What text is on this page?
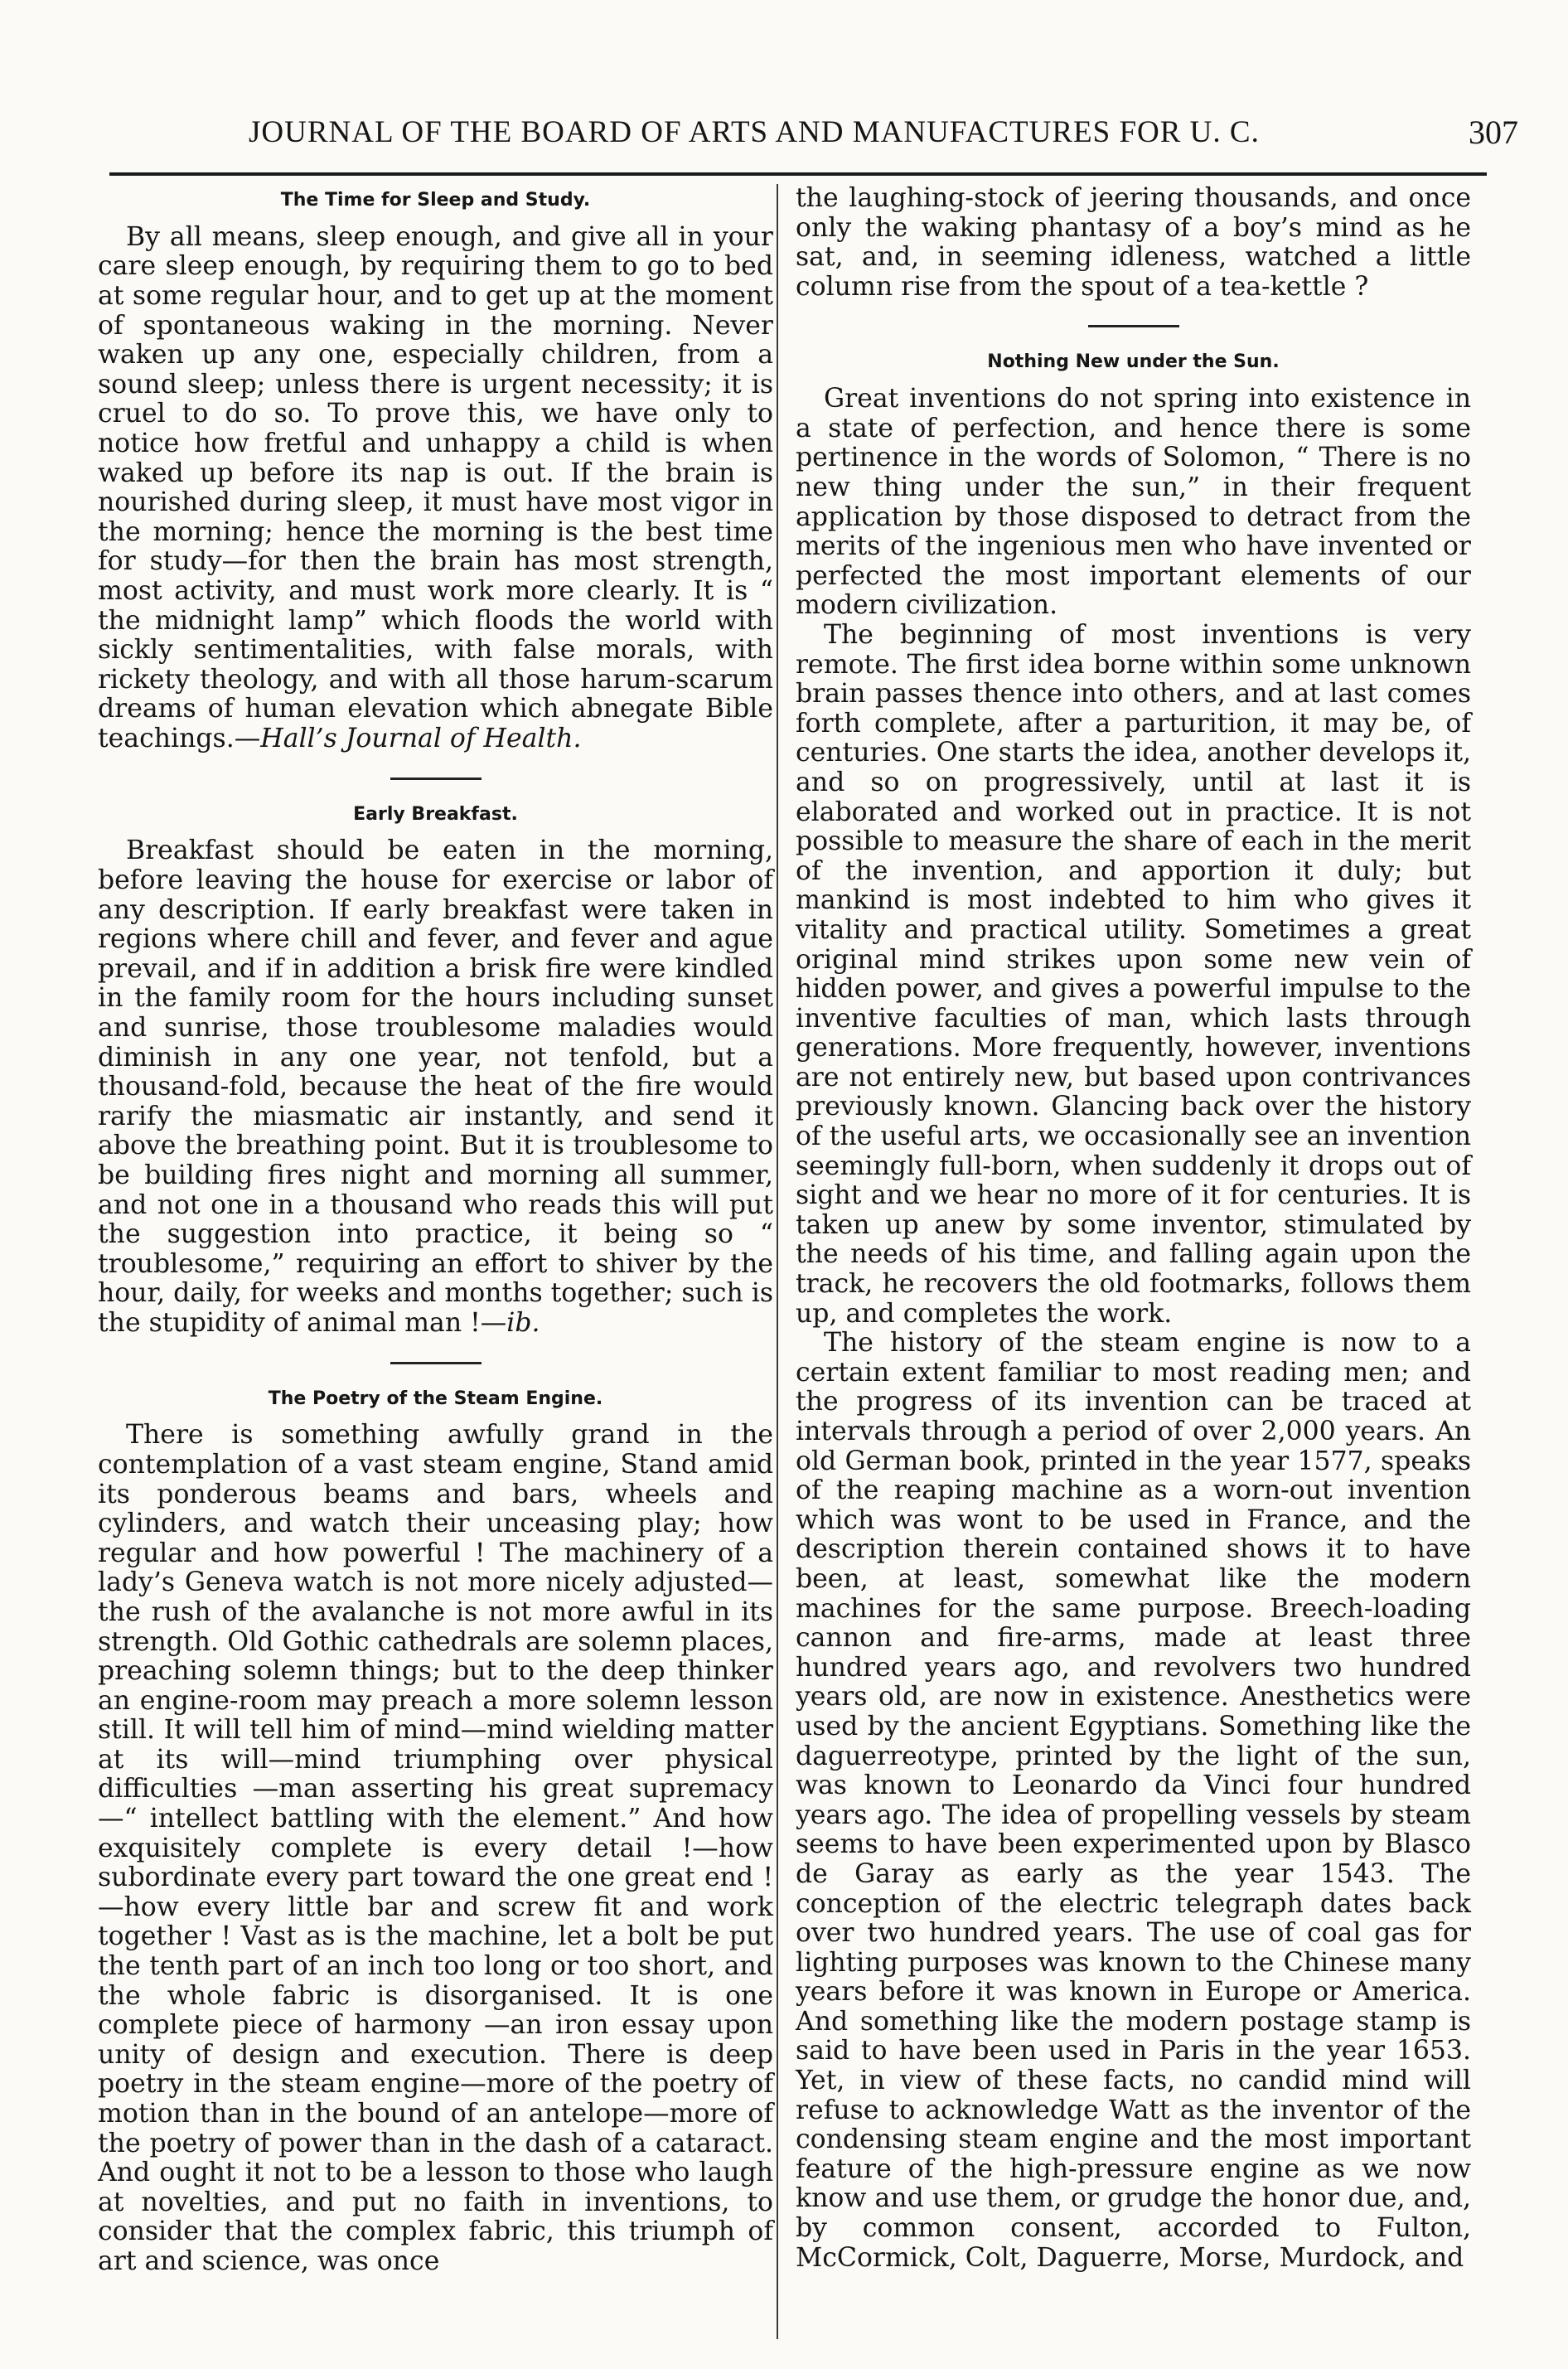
JOURNAL OF THE BOARD OF ARTS AND MANUFACTURES FOR U. C.	307
The Time for Sleep and Study.

By all means, sleep enough, and give all in your care sleep enough, by requiring them to go to bed at some regular hour, and to get up at the moment of spontaneous waking in the morning. Never waken up any one, especially children, from a sound sleep; unless there is urgent necessity; it is cruel to do so. To prove this, we have only to notice how fretful and unhappy a child is when waked up before its nap is out. If the brain is nourished during sleep, it must have most vigor in the morning; hence the morning is the best time for study—for then the brain has most strength, most activity, and must work more clearly. It is “ the midnight lamp” which floods the world with sickly sentimentalities, with false morals, with rickety theology, and with all those harum-scarum dreams of human elevation which abnegate Bible teachings.—Hall’s Journal of Health.

Early Breakfast.

Breakfast should be eaten in the morning, before leaving the house for exercise or labor of any description. If early breakfast were taken in regions where chill and fever, and fever and ague prevail, and if in addition a brisk fire were kindled in the family room for the hours including sunset and sunrise, those troublesome maladies would diminish in any one year, not tenfold, but a thousand-fold, because the heat of the fire would rarify the miasmatic air instantly, and send it above the breathing point. But it is troublesome to be building fires night and morning all summer, and not one in a thousand who reads this will put the suggestion into practice, it being so “ troublesome,” requiring an effort to shiver by the hour, daily, for weeks and months together; such is the stupidity of animal man !—ib.

The Poetry of the Steam Engine.

There is something awfully grand in the contemplation of a vast steam engine, Stand amid its ponderous beams and bars, wheels and cylinders, and watch their unceasing play; how regular and how powerful ! The machinery of a lady’s Geneva watch is not more nicely adjusted—the rush of the avalanche is not more awful in its strength. Old Gothic cathedrals are solemn places, preaching solemn things; but to the deep thinker an engine-room may preach a more solemn lesson still. It will tell him of mind—mind wielding matter at its will—mind triumphing over physical difficulties —man asserting his great supremacy—“ intellect battling with the element.” And how exquisitely complete is every detail !—how subordinate every part toward the one great end !—how every little bar and screw fit and work together ! Vast as is the machine, let a bolt be put the tenth part of an inch too long or too short, and the whole fabric is disorganised. It is one complete piece of harmony —an iron essay upon unity of design and execution. There is deep poetry in the steam engine—more of the poetry of motion than in the bound of an antelope—more of the poetry of power than in the dash of a cataract. And ought it not to be a lesson to those who laugh at novelties, and put no faith in inventions, to consider that the complex fabric, this triumph of art and science, was once

the laughing-stock of jeering thousands, and once only the waking phantasy of a boy’s mind as he sat, and, in seeming idleness, watched a little column rise from the spout of a tea-kettle ?

Nothing New under the Sun.

Great inventions do not spring into existence in a state of perfection, and hence there is some pertinence in the words of Solomon, “ There is no new thing under the sun,” in their frequent application by those disposed to detract from the merits of the ingenious men who have invented or perfected the most important elements of our modern civilization.

The beginning of most inventions is very remote. The first idea borne within some unknown brain passes thence into others, and at last comes forth complete, after a parturition, it may be, of centuries. One starts the idea, another develops it, and so on progressively, until at last it is elaborated and worked out in practice. It is not possible to measure the share of each in the merit of the invention, and apportion it duly; but mankind is most indebted to him who gives it vitality and practical utility. Sometimes a great original mind strikes upon some new vein of hidden power, and gives a powerful impulse to the inventive faculties of man, which lasts through generations. More frequently, however, inventions are not entirely new, but based upon contrivances previously known. Glancing back over the history of the useful arts, we occasionally see an invention seemingly full-born, when suddenly it drops out of sight and we hear no more of it for centuries. It is taken up anew by some inventor, stimulated by the needs of his time, and falling again upon the track, he recovers the old footmarks, follows them up, and completes the work.

The history of the steam engine is now to a certain extent familiar to most reading men; and the progress of its invention can be traced at intervals through a period of over 2,000 years. An old German book, printed in the year 1577, speaks of the reaping machine as a worn-out invention which was wont to be used in France, and the description therein contained shows it to have been, at least, somewhat like the modern machines for the same purpose. Breech-loading cannon and fire-arms, made at least three hundred years ago, and revolvers two hundred years old, are now in existence. Anesthetics were used by the ancient Egyptians. Something like the daguerreotype, printed by the light of the sun, was known to Leonardo da Vinci four hundred years ago. The idea of propelling vessels by steam seems to have been experimented upon by Blasco de Garay as early as the year 1543. The conception of the electric telegraph dates back over two hundred years. The use of coal gas for lighting purposes was known to the Chinese many years before it was known in Europe or America. And something like the modern postage stamp is said to have been used in Paris in the year 1653. Yet, in view of these facts, no candid mind will refuse to acknowledge Watt as the inventor of the condensing steam engine and the most important feature of the high-pressure engine as we now know and use them, or grudge the honor due, and, by common consent, accorded to Fulton, McCormick, Colt, Daguerre, Morse, Murdock, and
